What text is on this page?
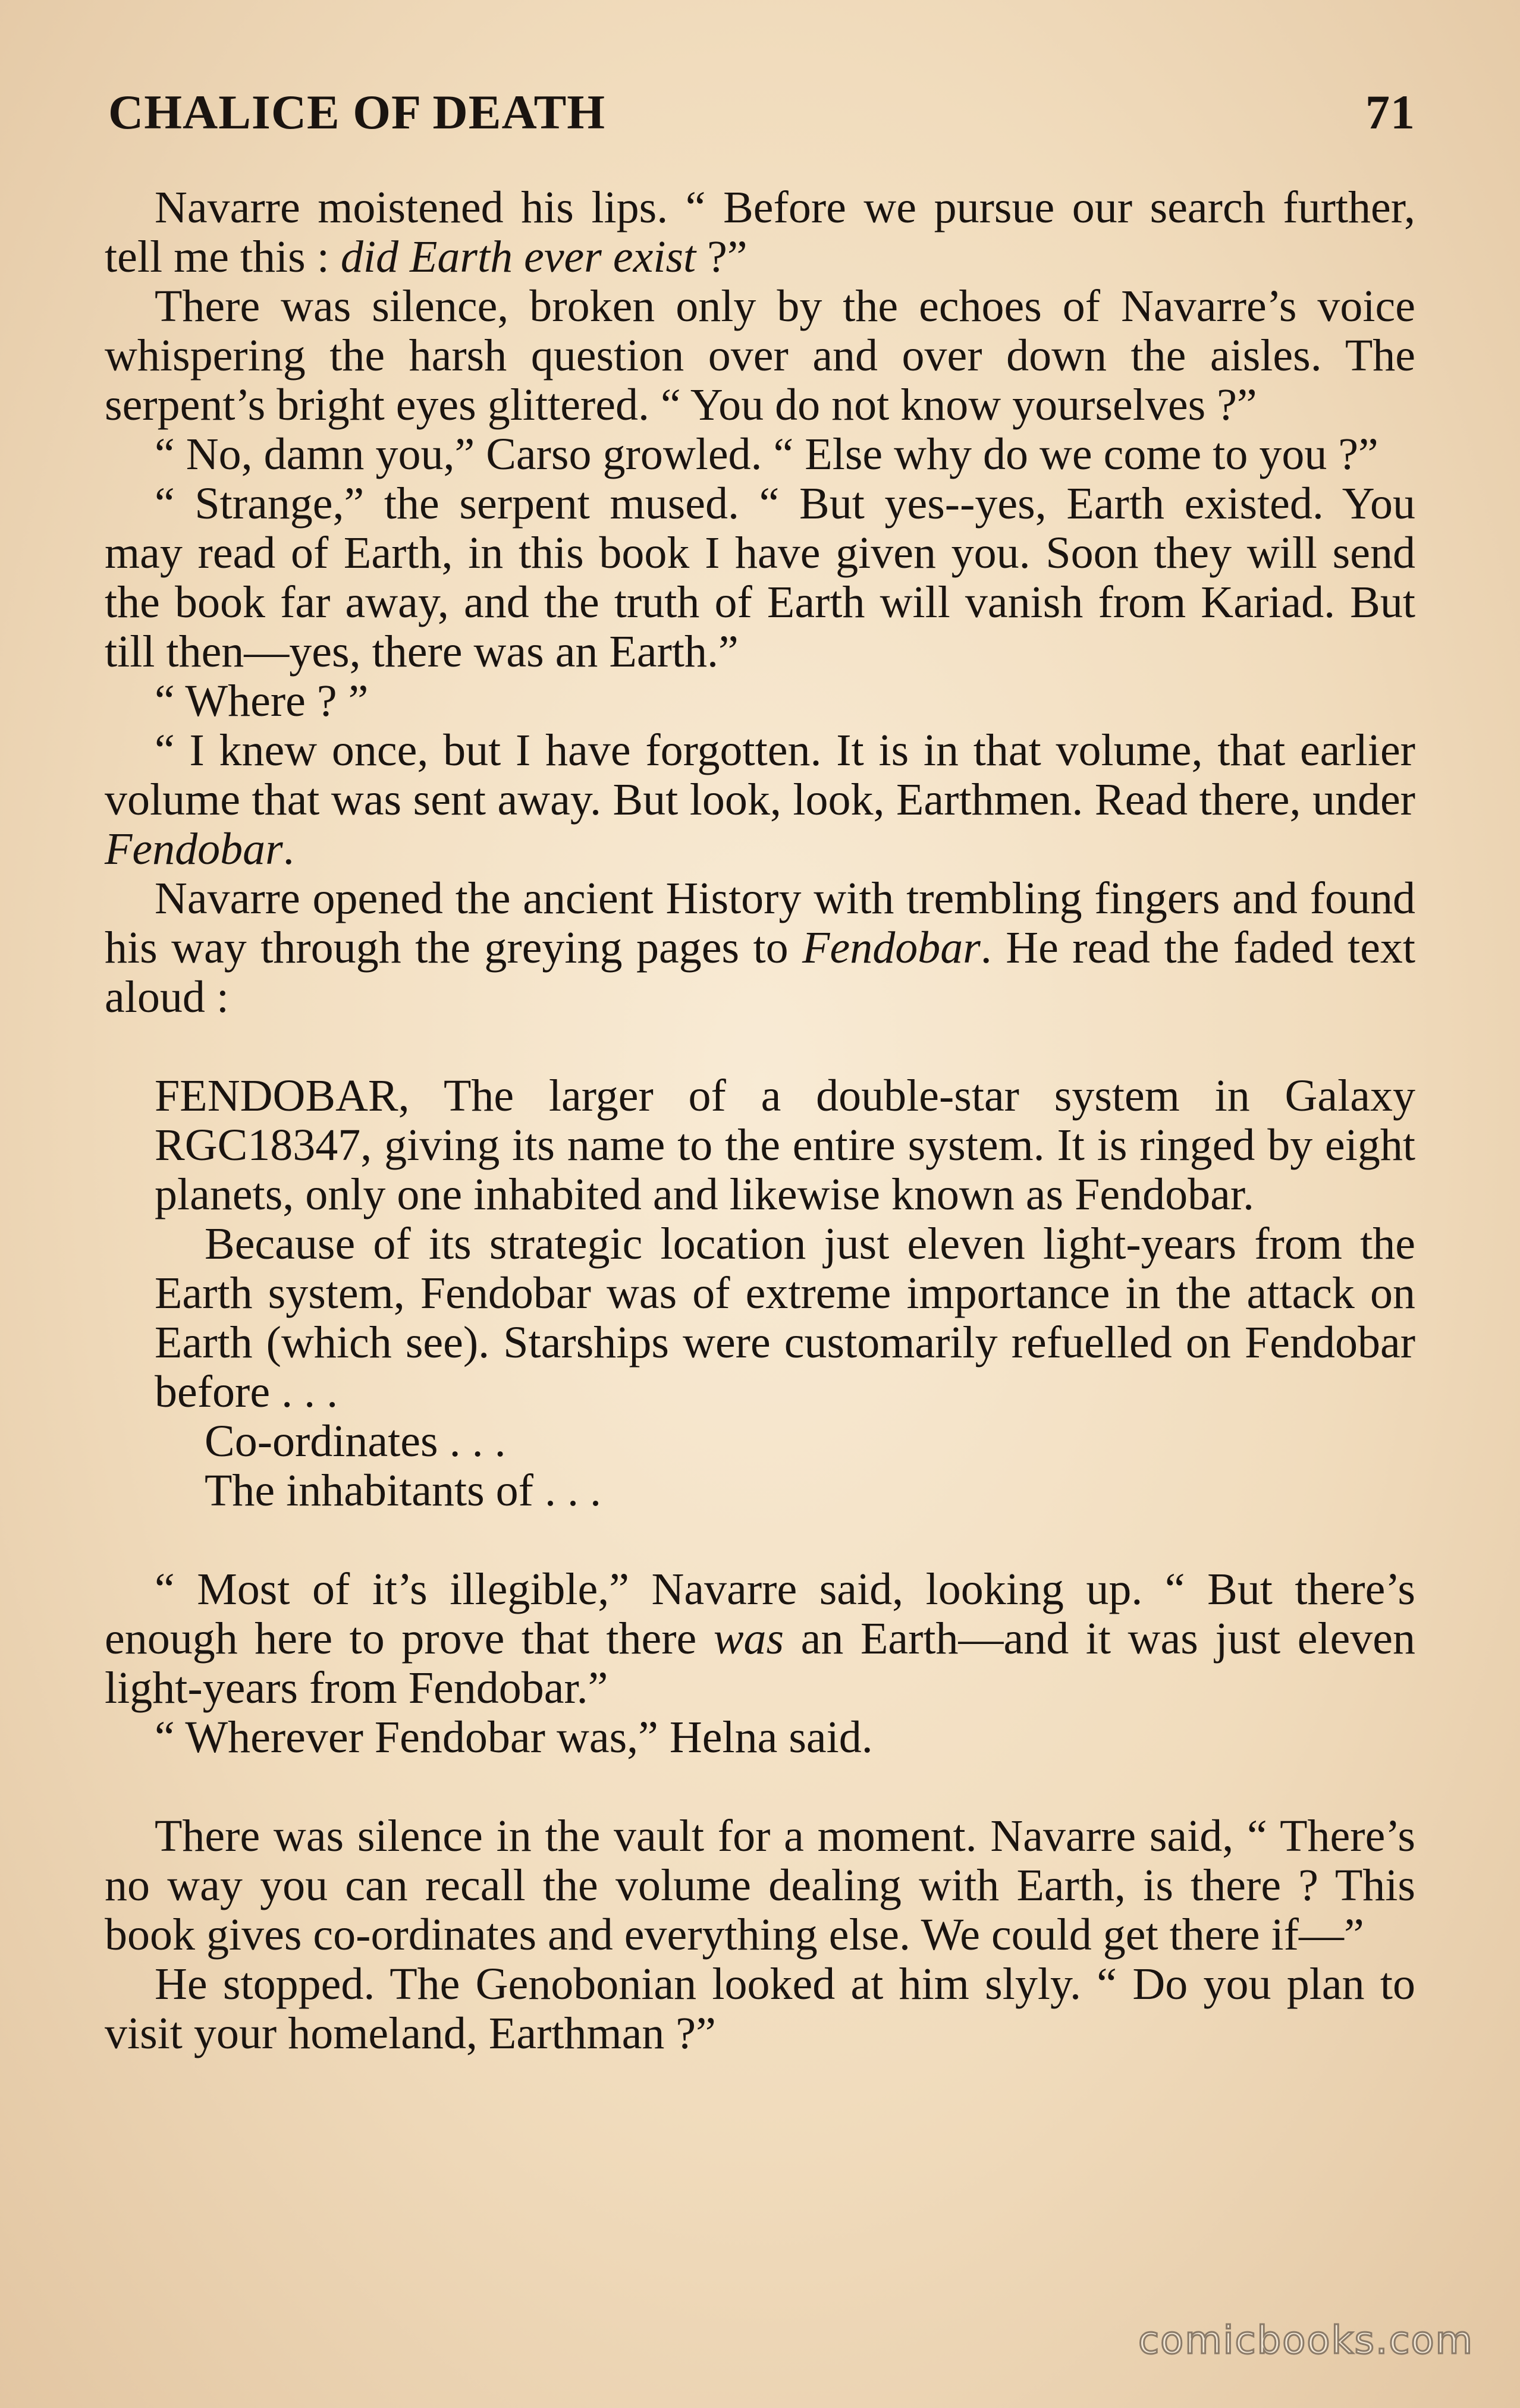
CHALICE OF DEATH	71

Navarre moistened his lips. “ Before we pursue our search further, tell me this : did Earth ever exist ?”

There was silence, broken only by the echoes of Navarre’s voice whispering the harsh question over and over down the aisles. The serpent’s bright eyes glittered. “ You do not know yourselves ?”

“ No, damn you,” Carso growled. “ Else why do we come to you ?”

“ Strange,” the serpent mused. “ But yes--yes, Earth existed. You may read of Earth, in this book I have given you. Soon they will send the book far away, and the truth of Earth will vanish from Kariad. But till then—yes, there was an Earth.”

“ Where ? ”

“ I knew once, but I have forgotten. It is in that volume, that earlier volume that was sent away. But look, look, Earthmen. Read there, under Fendobar.

Navarre opened the ancient History with trembling fingers and found his way through the greying pages to Fendobar. He read the faded text aloud :

FENDOBAR, The larger of a double-star system in Galaxy RGC18347, giving its name to the entire system. It is ringed by eight planets, only one inhabited and likewise known as Fendobar.

Because of its strategic location just eleven light-years from the Earth system, Fendobar was of extreme importance in the attack on Earth (which see). Starships were customarily refuelled on Fendobar before . . .

Co-ordinates . . .

The inhabitants of . . .

“ Most of it’s illegible,” Navarre said, looking up. “ But there’s enough here to prove that there was an Earth—and it was just eleven light-years from Fendobar.”

“ Wherever Fendobar was,” Helna said.

There was silence in the vault for a moment. Navarre said, “ There’s no way you can recall the volume dealing with Earth, is there ? This book gives co-ordinates and everything else. We could get there if—”

He stopped. The Genobonian looked at him slyly. “ Do you plan to visit your homeland, Earthman ?”

comicbooks.com
